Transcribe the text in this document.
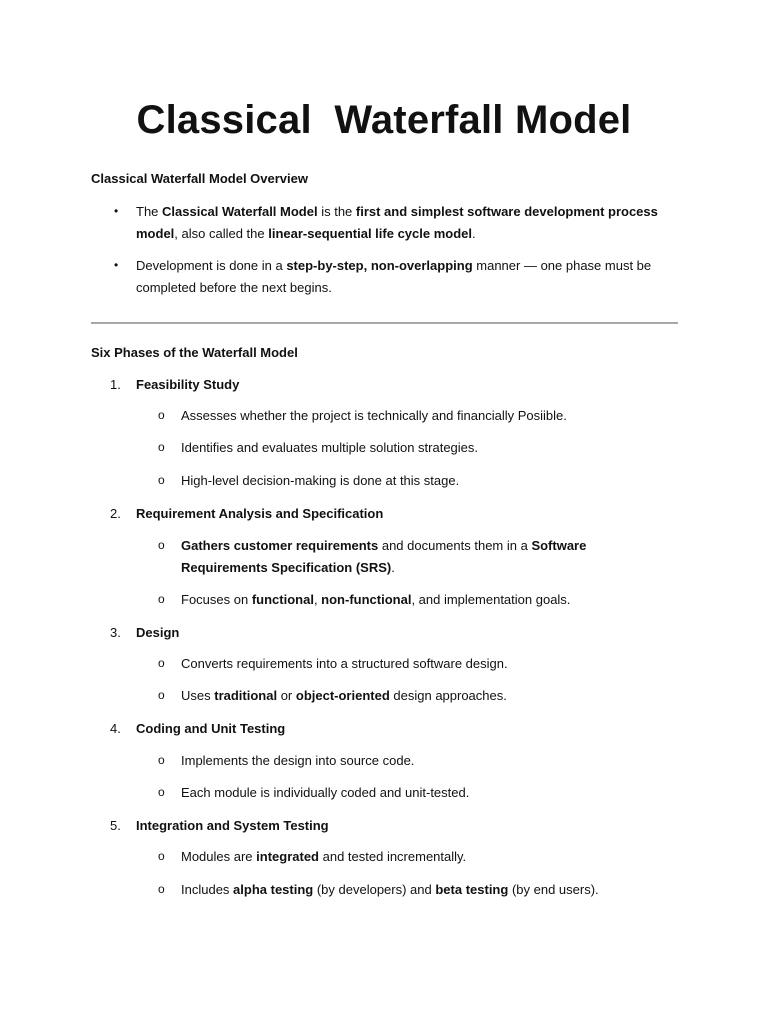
Classical  Waterfall Model
Classical Waterfall Model Overview
• The Classical Waterfall Model is the first and simplest software development process model, also called the linear-sequential life cycle model.
• Development is done in a step-by-step, non-overlapping manner — one phase must be completed before the next begins.
Six Phases of the Waterfall Model

1. Feasibility Study

o Assesses whether the project is technically and financially Posiible.
o Identifies and evaluates multiple solution strategies.
o High-level decision-making is done at this stage.

2. Requirement Analysis and Specification

o Gathers customer requirements and documents them in a Software Requirements Specification (SRS).
o Focuses on functional, non-functional, and implementation goals.

3. Design

o Converts requirements into a structured software design.
o Uses traditional or object-oriented design approaches.

4. Coding and Unit Testing

o Implements the design into source code.
o Each module is individually coded and unit-tested.

5. Integration and System Testing

o Modules are integrated and tested incrementally.
o Includes alpha testing (by developers) and beta testing (by end users).
